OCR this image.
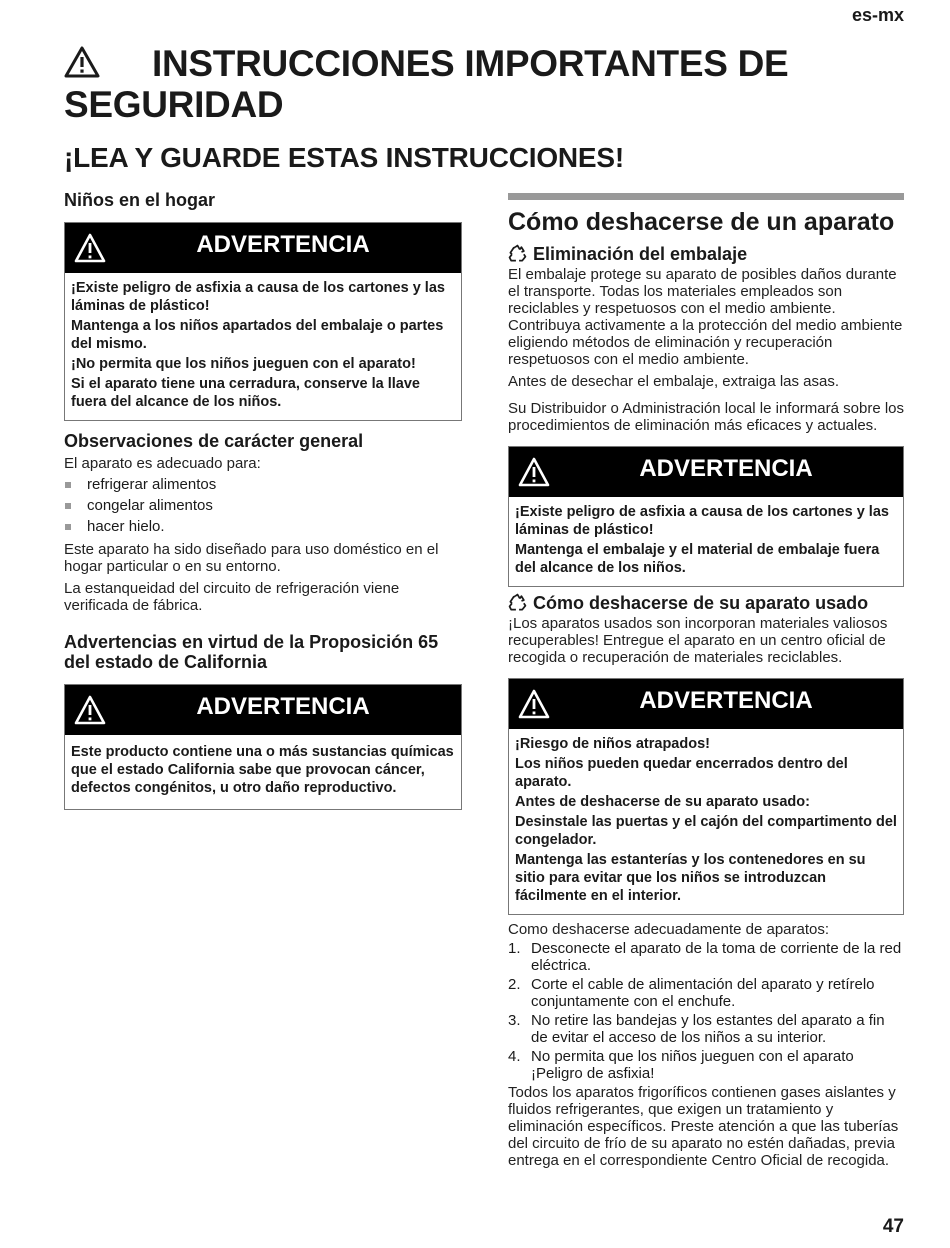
es-mx
INSTRUCCIONES IMPORTANTES DE SEGURIDAD
¡LEA Y GUARDE ESTAS INSTRUCCIONES!
Niños en el hogar
ADVERTENCIA
¡Existe peligro de asfixia a causa de los cartones y las láminas de plástico!
Mantenga a los niños apartados del embalaje o partes del mismo.
¡No permita que los niños jueguen con el aparato!
Si el aparato tiene una cerradura, conserve la llave fuera del alcance de los niños.
Observaciones de carácter general
El aparato es adecuado para:
refrigerar alimentos
congelar alimentos
hacer hielo.
Este aparato ha sido diseñado para uso doméstico en el hogar particular o en su entorno.
La estanqueidad del circuito de refrigeración viene verificada de fábrica.
Advertencias en virtud de la Proposición 65 del estado de California
ADVERTENCIA
Este producto contiene una o más sustancias químicas que el estado California sabe que provocan cáncer, defectos congénitos, u otro daño reproductivo.
Cómo deshacerse de un aparato
Eliminación del embalaje
El embalaje protege su aparato de posibles daños durante el transporte. Todas los materiales empleados son reciclables y respetuosos con el medio ambiente. Contribuya activamente a la protección del medio ambiente eligiendo métodos de eliminación y recuperación respetuosos con el medio ambiente.
Antes de desechar el embalaje, extraiga las asas.
Su Distribuidor o Administración local le informará sobre los procedimientos de eliminación más eficaces y actuales.
ADVERTENCIA
¡Existe peligro de asfixia a causa de los cartones y las láminas de plástico!
Mantenga el embalaje y el material de embalaje fuera del alcance de los niños.
Cómo deshacerse de su aparato usado
¡Los aparatos usados son incorporan materiales valiosos recuperables! Entregue el aparato en un centro oficial de recogida o recuperación de materiales reciclables.
ADVERTENCIA
¡Riesgo de niños atrapados!
Los niños pueden quedar encerrados dentro del aparato.
Antes de deshacerse de su aparato usado:
Desinstale las puertas y el cajón del compartimento del congelador.
Mantenga las estanterías y los contenedores en su sitio para evitar que los niños se introduzcan fácilmente en el interior.
Como deshacerse adecuadamente de aparatos:
1. Desconecte el aparato de la toma de corriente de la red eléctrica.
2. Corte el cable de alimentación del aparato y retírelo conjuntamente con el enchufe.
3. No retire las bandejas y los estantes del aparato a fin de evitar el acceso de los niños a su interior.
4. No permita que los niños jueguen con el aparato ¡Peligro de asfixia!
Todos los aparatos frigoríficos contienen gases aislantes y fluidos refrigerantes, que exigen un tratamiento y eliminación específicos. Preste atención a que las tuberías del circuito de frío de su aparato no estén dañadas, previa entrega en el correspondiente Centro Oficial de recogida.
47
